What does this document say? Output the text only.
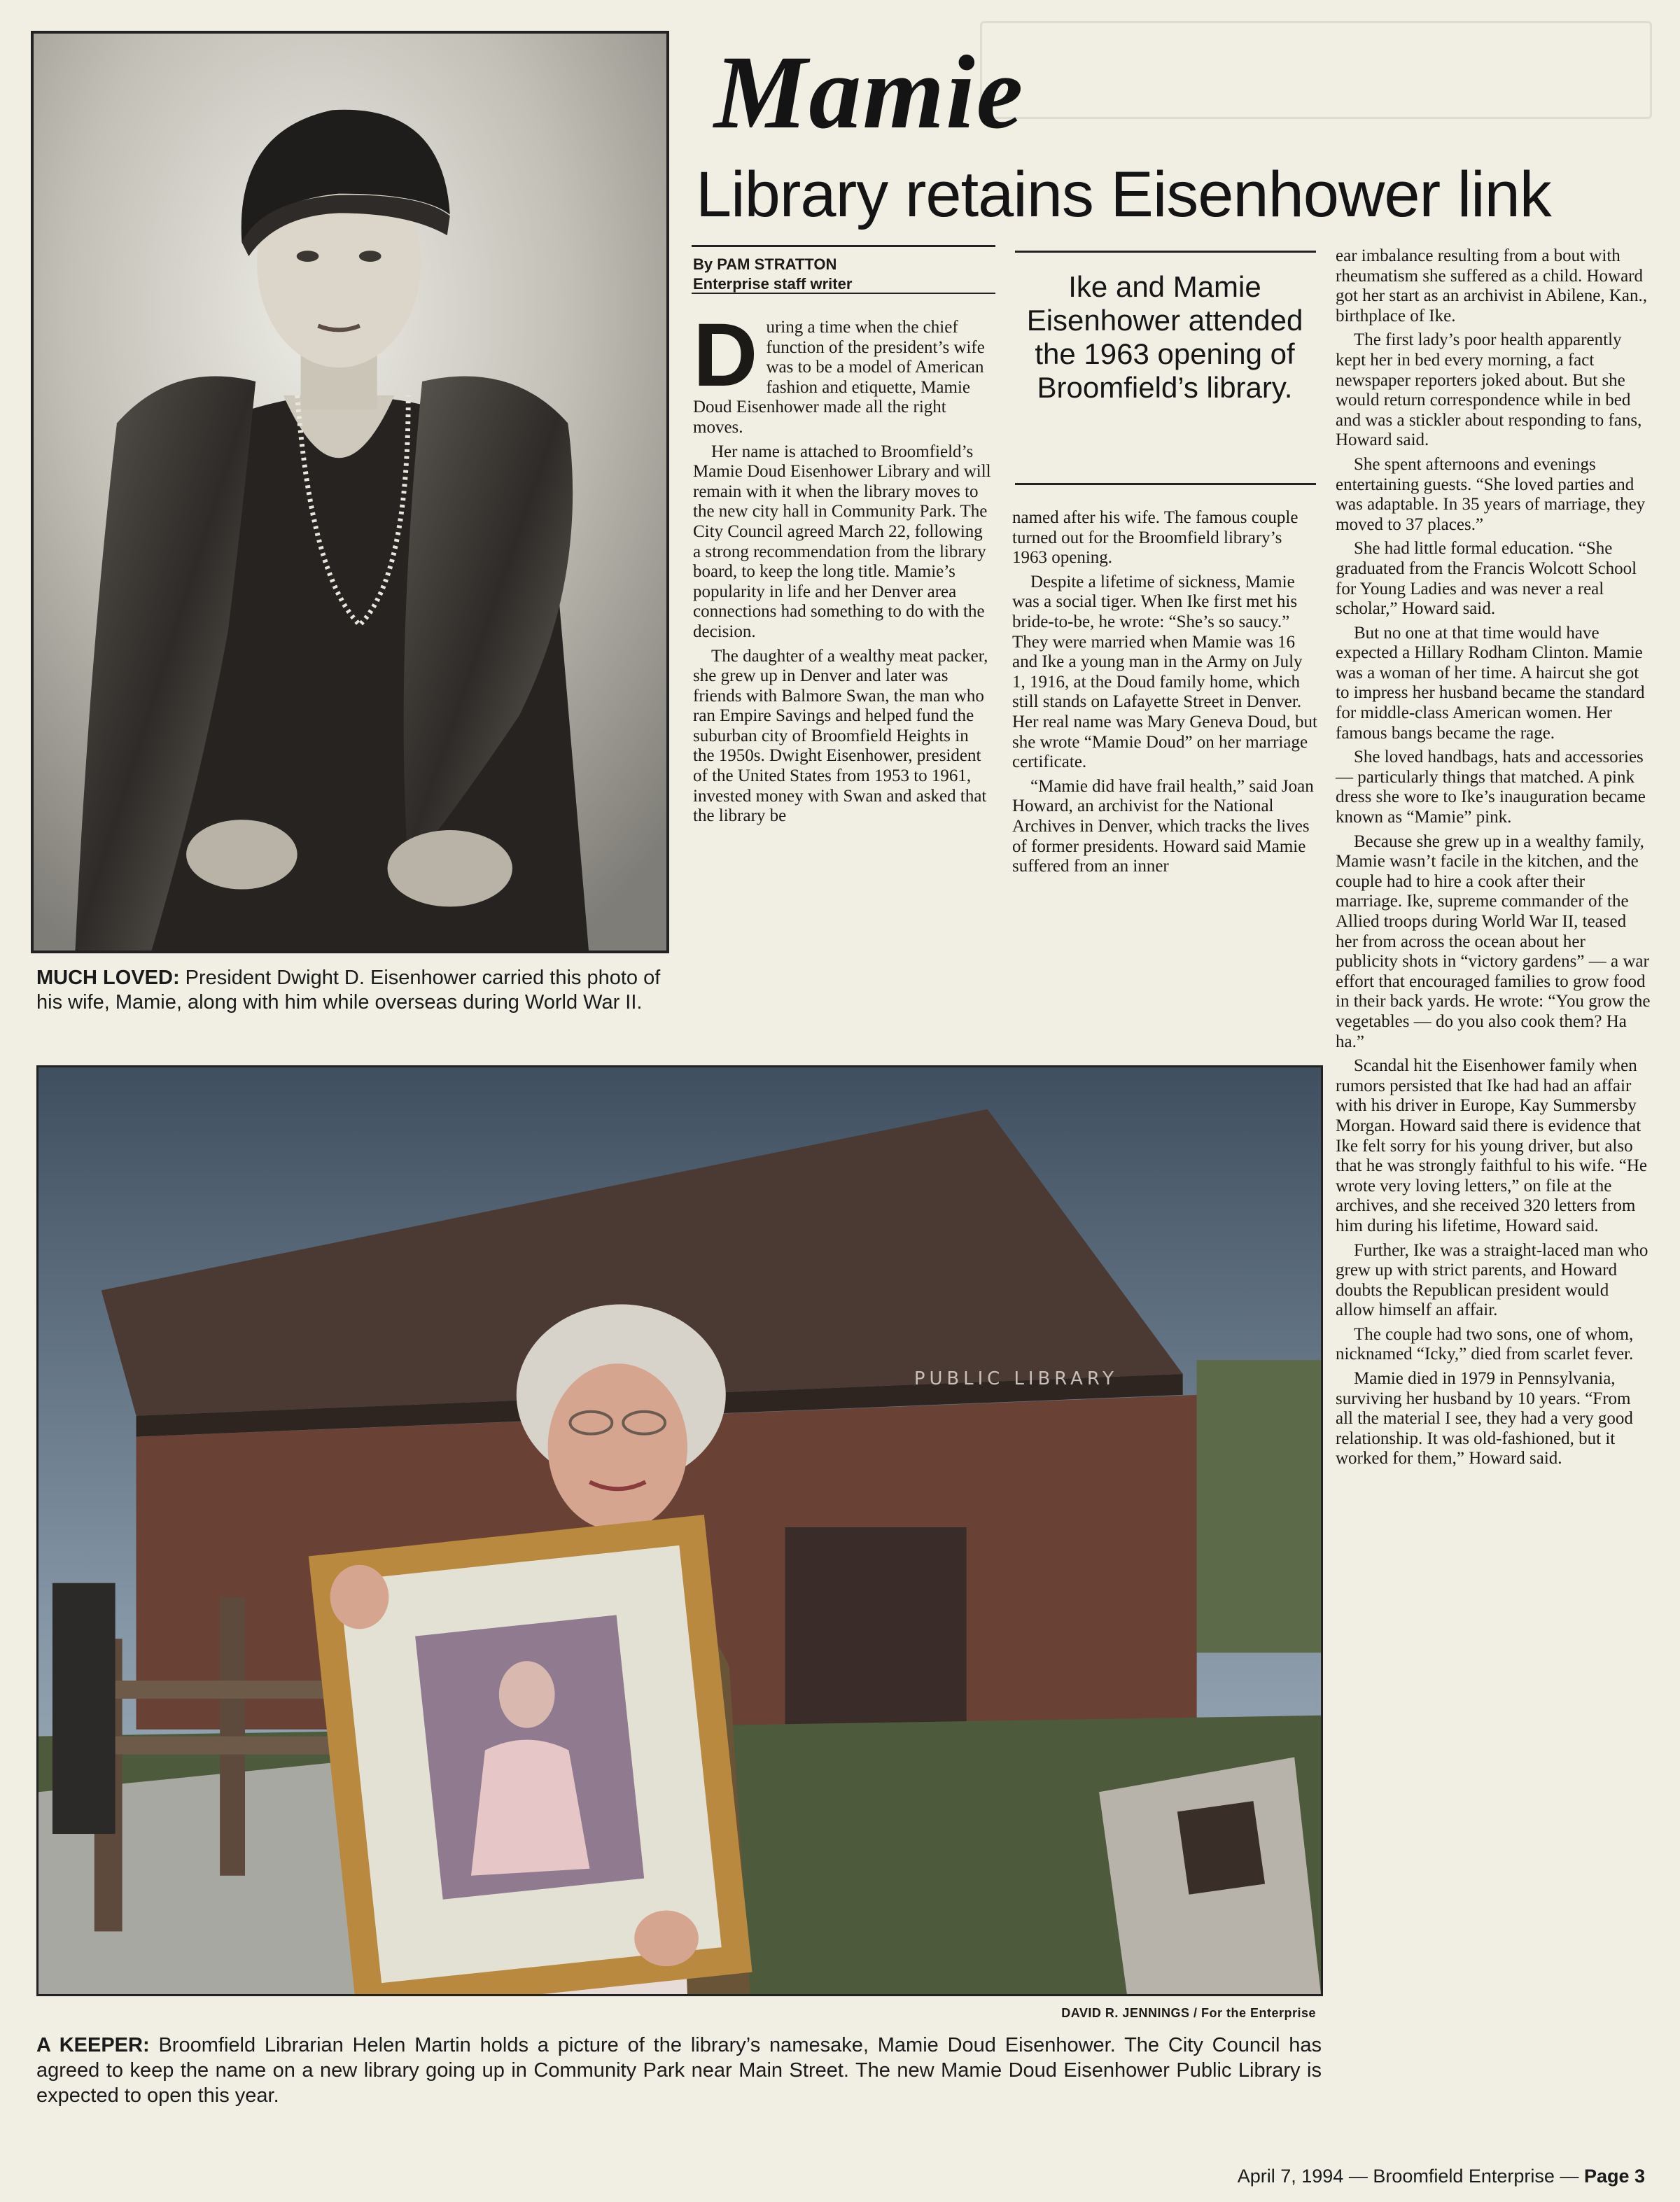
MUCH LOVED: President Dwight D. Eisenhower carried this photo of his wife, Mamie, along with him while overseas during World War II.

Mamie
Library retains Eisenhower link
By PAM STRATTON
Enterprise staff writer

During a time when the chief function of the president’s wife was to be a model of American fashion and etiquette, Mamie Doud Eisenhower made all the right moves.

Her name is attached to Broomfield’s Mamie Doud Eisenhower Library and will remain with it when the library moves to the new city hall in Community Park. The City Council agreed March 22, following a strong recommendation from the library board, to keep the long title. Mamie’s popularity in life and her Denver area connections had something to do with the decision.

The daughter of a wealthy meat packer, she grew up in Denver and later was friends with Balmore Swan, the man who ran Empire Savings and helped fund the suburban city of Broomfield Heights in the 1950s. Dwight Eisenhower, president of the United States from 1953 to 1961, invested money with Swan and asked that the library be

Ike and Mamie Eisenhower attended the 1963 opening of Broomfield’s library.

named after his wife. The famous couple turned out for the Broomfield library’s 1963 opening.

Despite a lifetime of sickness, Mamie was a social tiger. When Ike first met his bride-to-be, he wrote: “She’s so saucy.” They were married when Mamie was 16 and Ike a young man in the Army on July 1, 1916, at the Doud family home, which still stands on Lafayette Street in Denver. Her real name was Mary Geneva Doud, but she wrote “Mamie Doud” on her marriage certificate.

“Mamie did have frail health,” said Joan Howard, an archivist for the National Archives in Denver, which tracks the lives of former presidents. Howard said Mamie suffered from an inner

ear imbalance resulting from a bout with rheumatism she suffered as a child. Howard got her start as an archivist in Abilene, Kan., birthplace of Ike.

The first lady’s poor health apparently kept her in bed every morning, a fact newspaper reporters joked about. But she would return correspondence while in bed and was a stickler about responding to fans, Howard said.

She spent afternoons and evenings entertaining guests. “She loved parties and was adaptable. In 35 years of marriage, they moved to 37 places.”

She had little formal education. “She graduated from the Francis Wolcott School for Young Ladies and was never a real scholar,” Howard said.

But no one at that time would have expected a Hillary Rodham Clinton. Mamie was a woman of her time. A haircut she got to impress her husband became the standard for middle-class American women. Her famous bangs became the rage.

She loved handbags, hats and accessories — particularly things that matched. A pink dress she wore to Ike’s inauguration became known as “Mamie” pink.

Because she grew up in a wealthy family, Mamie wasn’t facile in the kitchen, and the couple had to hire a cook after their marriage. Ike, supreme commander of the Allied troops during World War II, teased her from across the ocean about her publicity shots in “victory gardens” — a war effort that encouraged families to grow food in their back yards. He wrote: “You grow the vegetables — do you also cook them? Ha ha.”

Scandal hit the Eisenhower family when rumors persisted that Ike had had an affair with his driver in Europe, Kay Summersby Morgan. Howard said there is evidence that Ike felt sorry for his young driver, but also that he was strongly faithful to his wife. “He wrote very loving letters,” on file at the archives, and she received 320 letters from him during his lifetime, Howard said.

Further, Ike was a straight-laced man who grew up with strict parents, and Howard doubts the Republican president would allow himself an affair.

The couple had two sons, one of whom, nicknamed “Icky,” died from scarlet fever.

Mamie died in 1979 in Pennsylvania, surviving her husband by 10 years. “From all the material I see, they had a very good relationship. It was old-fashioned, but it worked for them,” Howard said.

PUBLIC LIBRARY
DAVID R. JENNINGS / For the Enterprise

A KEEPER: Broomfield Librarian Helen Martin holds a picture of the library’s namesake, Mamie Doud Eisenhower. The City Council has agreed to keep the name on a new library going up in Community Park near Main Street. The new Mamie Doud Eisenhower Public Library is expected to open this year.

April 7, 1994 — Broomfield Enterprise — Page 3
